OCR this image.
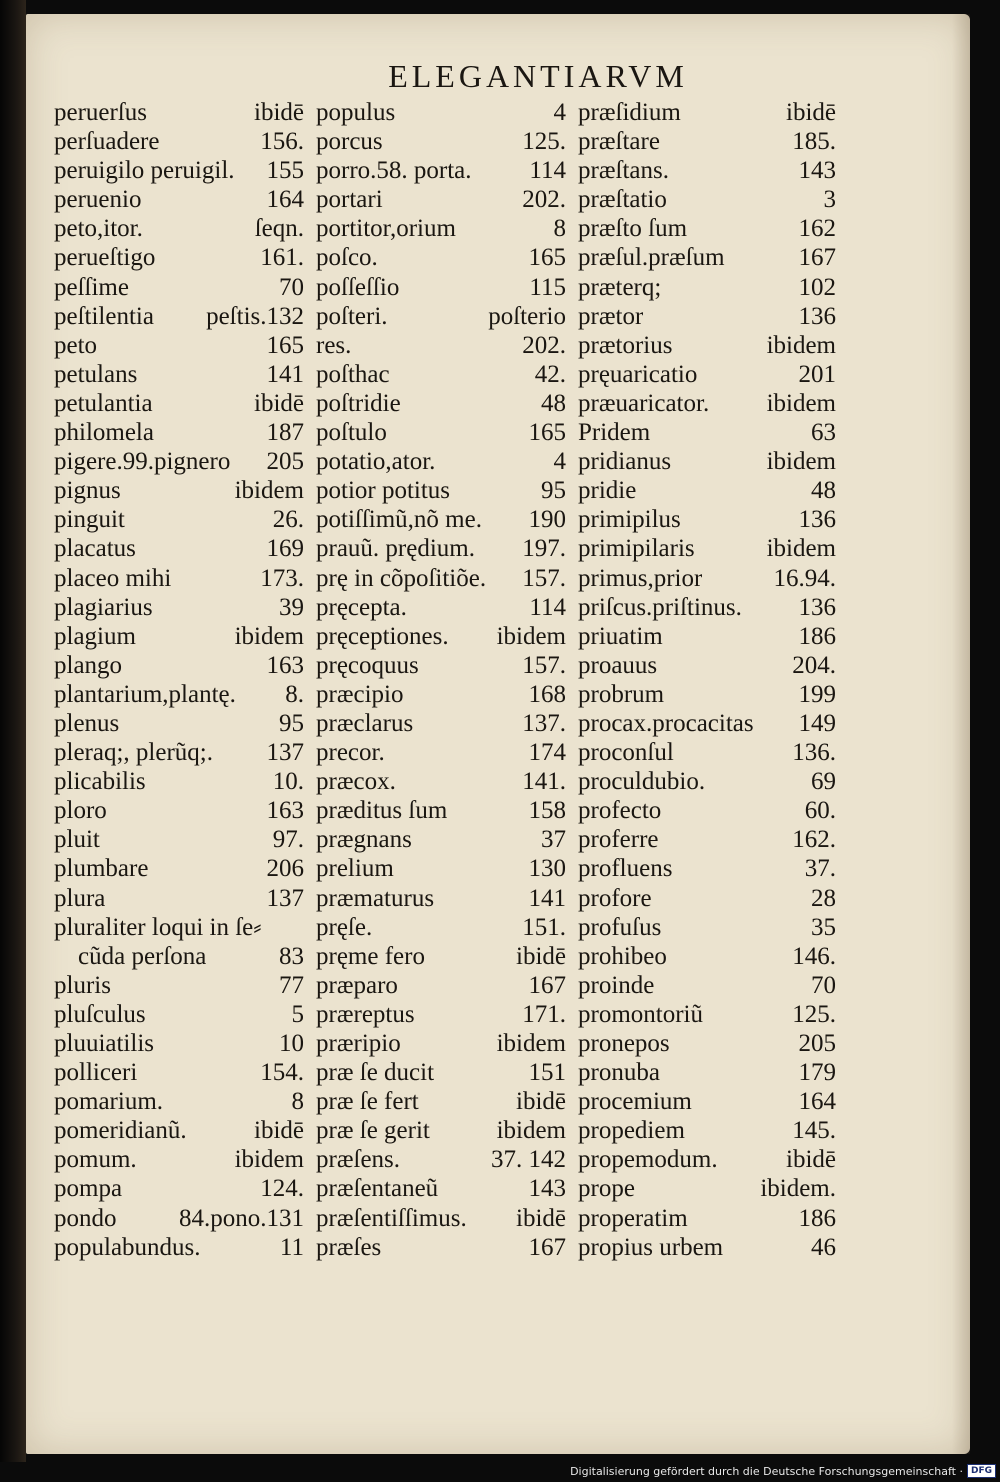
ELEGANTIARVM
peruerſus	ibidē
perſuadere	156.
peruigilo peruigil. 155
peruenio	164
peto,itor.	ſeqn.
perueſtigo	161.
peſſime	70
peſtilentia peſtis.132
peto	165
petulans	141
petulantia	ibidē
philomela	187
pigere.99.pignero 205
pignus	ibidem
pinguit	26.
placatus	169
placeo mihi	173.
plagiarius	39
plagium	ibidem
plango	163
plantarium,plantę. 8.
plenus	95
pleraq;, plerũq;. 137
plicabilis	10.
ploro	163
pluit	97.
plumbare	206
plura	137
pluraliter loqui in ſe⸗
cũda perſona	83
pluris	77
pluſculus	5
pluuiatilis	10
polliceri	154.
pomarium.	8
pomeridianũ.	ibidē
pomum.	ibidem
pompa	124.
pondo	84.pono.131
populabundus.	11
populus	4
porcus	125.
porro.58. porta. 114
portari	202.
portitor,orium	8
poſco.	165
poſſeſſio	115
poſteri.	poſterio
res.	202.
poſthac	42.
poſtridie	48
poſtulo	165
potatio,ator.	4
potior potitus	95
potiſſimũ,nõ me. 190
prauũ. prędium. 197.
prę in cõpoſitiõe. 157.
pręcepta.	114
pręceptiones. ibidem
pręcoquus	157.
præcipio	168
præclarus	137.
precor.	174
præcox.	141.
præditus ſum	158
prægnans	37
prelium	130
præmaturus	141
pręſe.	151.
pręme fero	ibidē
præparo	167
præreptus	171.
præripio	ibidem
præ ſe ducit	151
præ ſe fert	ibidē
præ ſe gerit	ibidem
præſens.	37. 142
præſentaneũ	143
præſentiſſimus. ibidē
præſes	167
præſidium	ibidē
præſtare	185.
præſtans.	143
præſtatio	3
præſto ſum	162
præſul.præſum	167
præterq;	102
prætor	136
prætorius	ibidem
pręuaricatio	201
præuaricator. ibidem
Pridem	63
pridianus	ibidem
pridie	48
primipilus	136
primipilaris	ibidem
primus,prior	16.94.
priſcus.priſtinus. 136
priuatim	186
proauus	204.
probrum	199
procax.procacitas 149
proconſul	136.
proculdubio.	69
profecto	60.
proferre	162.
profluens	37.
profore	28
profuſus	35
prohibeo	146.
proinde	70
promontoriũ	125.
pronepos	205
pronuba	179
procemium	164
propediem	145.
propemodum.	ibidē
prope	ibidem.
properatim	186
propius urbem	46
Digitalisierung gefördert durch die Deutsche Forschungsgemeinschaft · DFG
